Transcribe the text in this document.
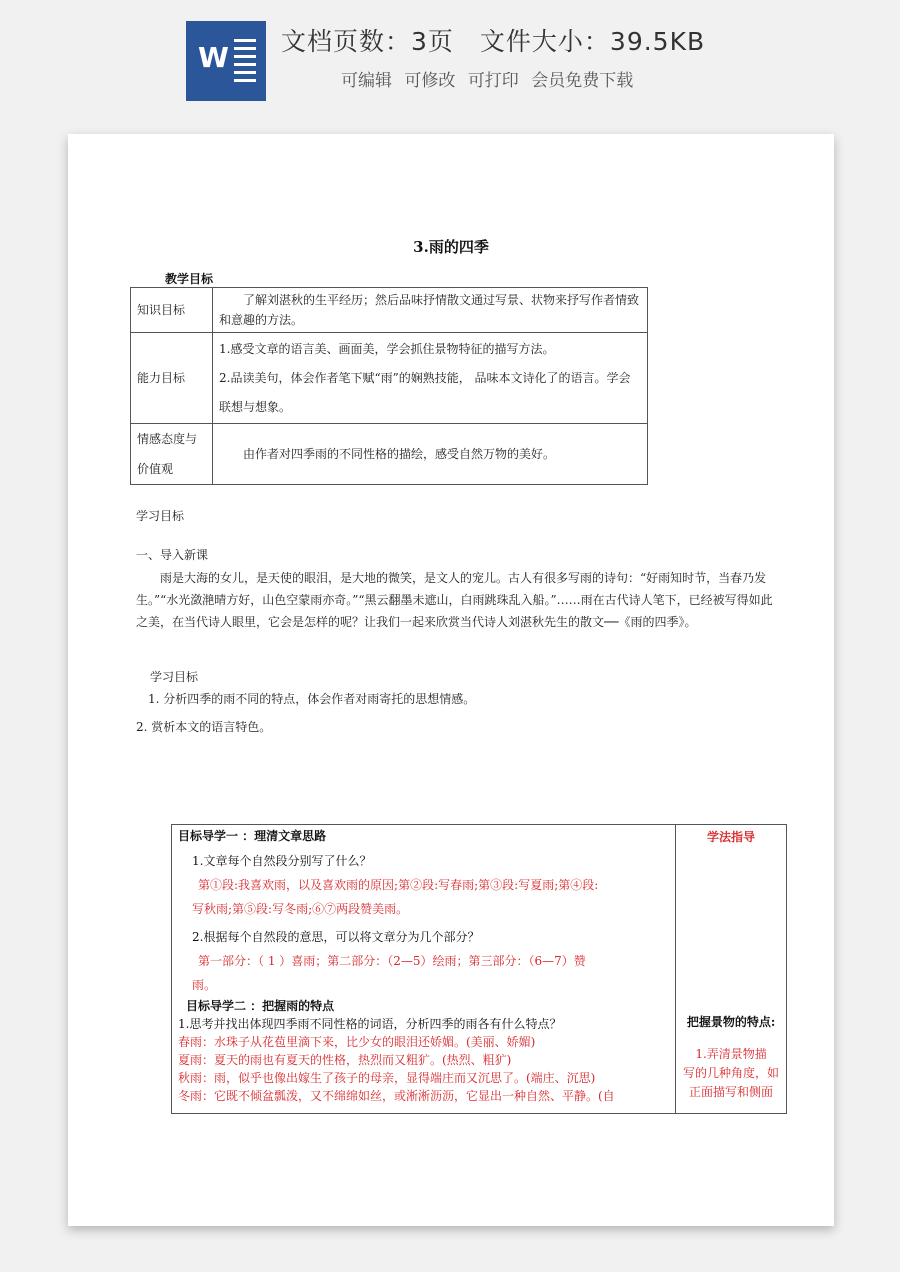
W 文档页数：3页 文件大小：39.5KB
可编辑 可修改 可打印 会员免费下载
3.雨的四季
教学目标
知识目标	了解刘湛秋的生平经历；然后品味抒情散文通过写景、状物来抒写作者情致和意趣的方法。

能力目标	1.感受文章的语言美、画面美，学会抓住景物特征的描写方法。
2.品读美句，体会作者笔下赋“雨”的娴熟技能， 品味本文诗化了的语言。学会联想与想象。

情感态度与价值观	由作者对四季雨的不同性格的描绘，感受自然万物的美好。
学习目标
一、导入新课

雨是大海的女儿，是天使的眼泪，是大地的微笑，是文人的宠儿。古人有很多写雨的诗句：“好雨知时节，当春乃发生。”“水光潋滟晴方好，山色空蒙雨亦奇。”“黑云翻墨未遮山，白雨跳珠乱入船。”……雨在古代诗人笔下，已经被写得如此之美，在当代诗人眼里，它会是怎样的呢？让我们一起来欣赏当代诗人刘湛秋先生的散文──《雨的四季》。

学习目标
1. 分析四季的雨不同的特点，体会作者对雨寄托的思想情感。
2. 赏析本文的语言特色。
目标导学一 ：理清文章思路
1.文章每个自然段分别写了什么？
第①段:我喜欢雨，以及喜欢雨的原因;第②段:写春雨;第③段:写夏雨;第④段:
写秋雨;第⑤段:写冬雨;⑥⑦两段赞美雨。
2.根据每个自然段的意思，可以将文章分为几个部分？
第一部分：（ 1 ）喜雨；第二部分：（2—5）绘雨；第三部分：（6—7）赞
雨。
目标导学二 ：把握雨的特点
1.思考并找出体现四季雨不同性格的词语，分析四季的雨各有什么特点？
春雨：水珠子从花苞里滴下来，比少女的眼泪还娇媚。(美丽、娇媚)
夏雨：夏天的雨也有夏天的性格，热烈而又粗犷。(热烈、粗犷)
秋雨：雨，似乎也像出嫁生了孩子的母亲，显得端庄而又沉思了。(端庄、沉思)
冬雨：它既不倾盆瓢泼，又不绵绵如丝，或淅淅沥沥，它显出一种自然、平静。(自

学法指导
把握景物的特点:
1.弄清景物描
写的几种角度，如
正面描写和侧面
